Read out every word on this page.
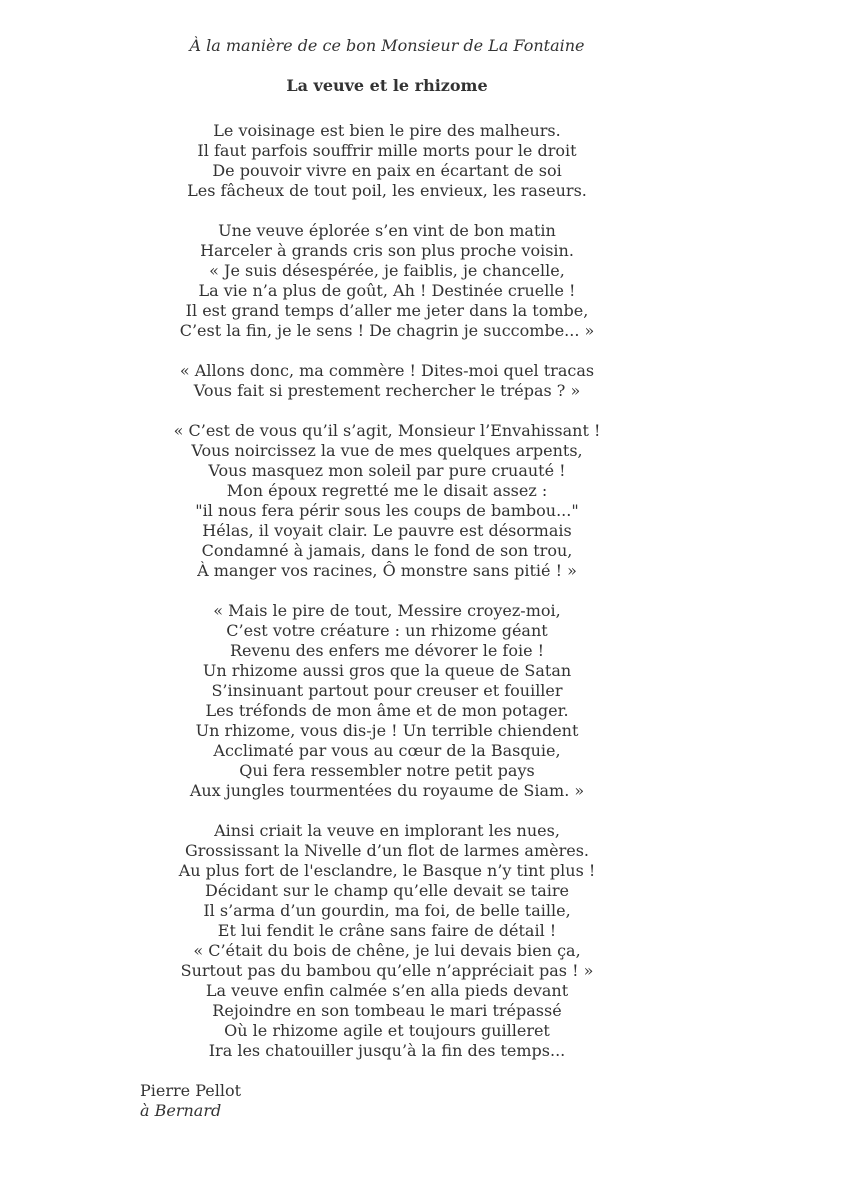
À la manière de ce bon Monsieur de La Fontaine

La veuve et le rhizome

Le voisinage est bien le pire des malheurs.

Il faut parfois souffrir mille morts pour le droit

De pouvoir vivre en paix en écartant de soi

Les fâcheux de tout poil, les envieux, les raseurs.

Une veuve éplorée s’en vint de bon matin

Harceler à grands cris son plus proche voisin.

« Je suis désespérée, je faiblis, je chancelle,

La vie n’a plus de goût, Ah ! Destinée cruelle !

Il est grand temps d’aller me jeter dans la tombe,

C’est la fin, je le sens ! De chagrin je succombe... »

« Allons donc, ma commère ! Dites-moi quel tracas

Vous fait si prestement rechercher le trépas ? »

« C’est de vous qu’il s’agit, Monsieur l’Envahissant !

Vous noircissez la vue de mes quelques arpents,

Vous masquez mon soleil par pure cruauté !

Mon époux regretté me le disait assez :

"il nous fera périr sous les coups de bambou..."

Hélas, il voyait clair. Le pauvre est désormais

Condamné à jamais, dans le fond de son trou,

À manger vos racines, Ô monstre sans pitié ! »

« Mais le pire de tout, Messire croyez-moi,

C’est votre créature : un rhizome géant

Revenu des enfers me dévorer le foie !

Un rhizome aussi gros que la queue de Satan

S’insinuant partout pour creuser et fouiller

Les tréfonds de mon âme et de mon potager.

Un rhizome, vous dis-je ! Un terrible chiendent

Acclimaté par vous au cœur de la Basquie,

Qui fera ressembler notre petit pays

Aux jungles tourmentées du royaume de Siam. »

Ainsi criait la veuve en implorant les nues,

Grossissant la Nivelle d’un flot de larmes amères.

Au plus fort de l'esclandre, le Basque n’y tint plus !

Décidant sur le champ qu’elle devait se taire

Il s’arma d’un gourdin, ma foi, de belle taille,

Et lui fendit le crâne sans faire de détail !

« C’était du bois de chêne, je lui devais bien ça,

Surtout pas du bambou qu’elle n’appréciait pas ! »

La veuve enfin calmée s’en alla pieds devant

Rejoindre en son tombeau le mari trépassé

Où le rhizome agile et toujours guilleret

Ira les chatouiller jusqu’à la fin des temps...

Pierre Pellot

à Bernard
